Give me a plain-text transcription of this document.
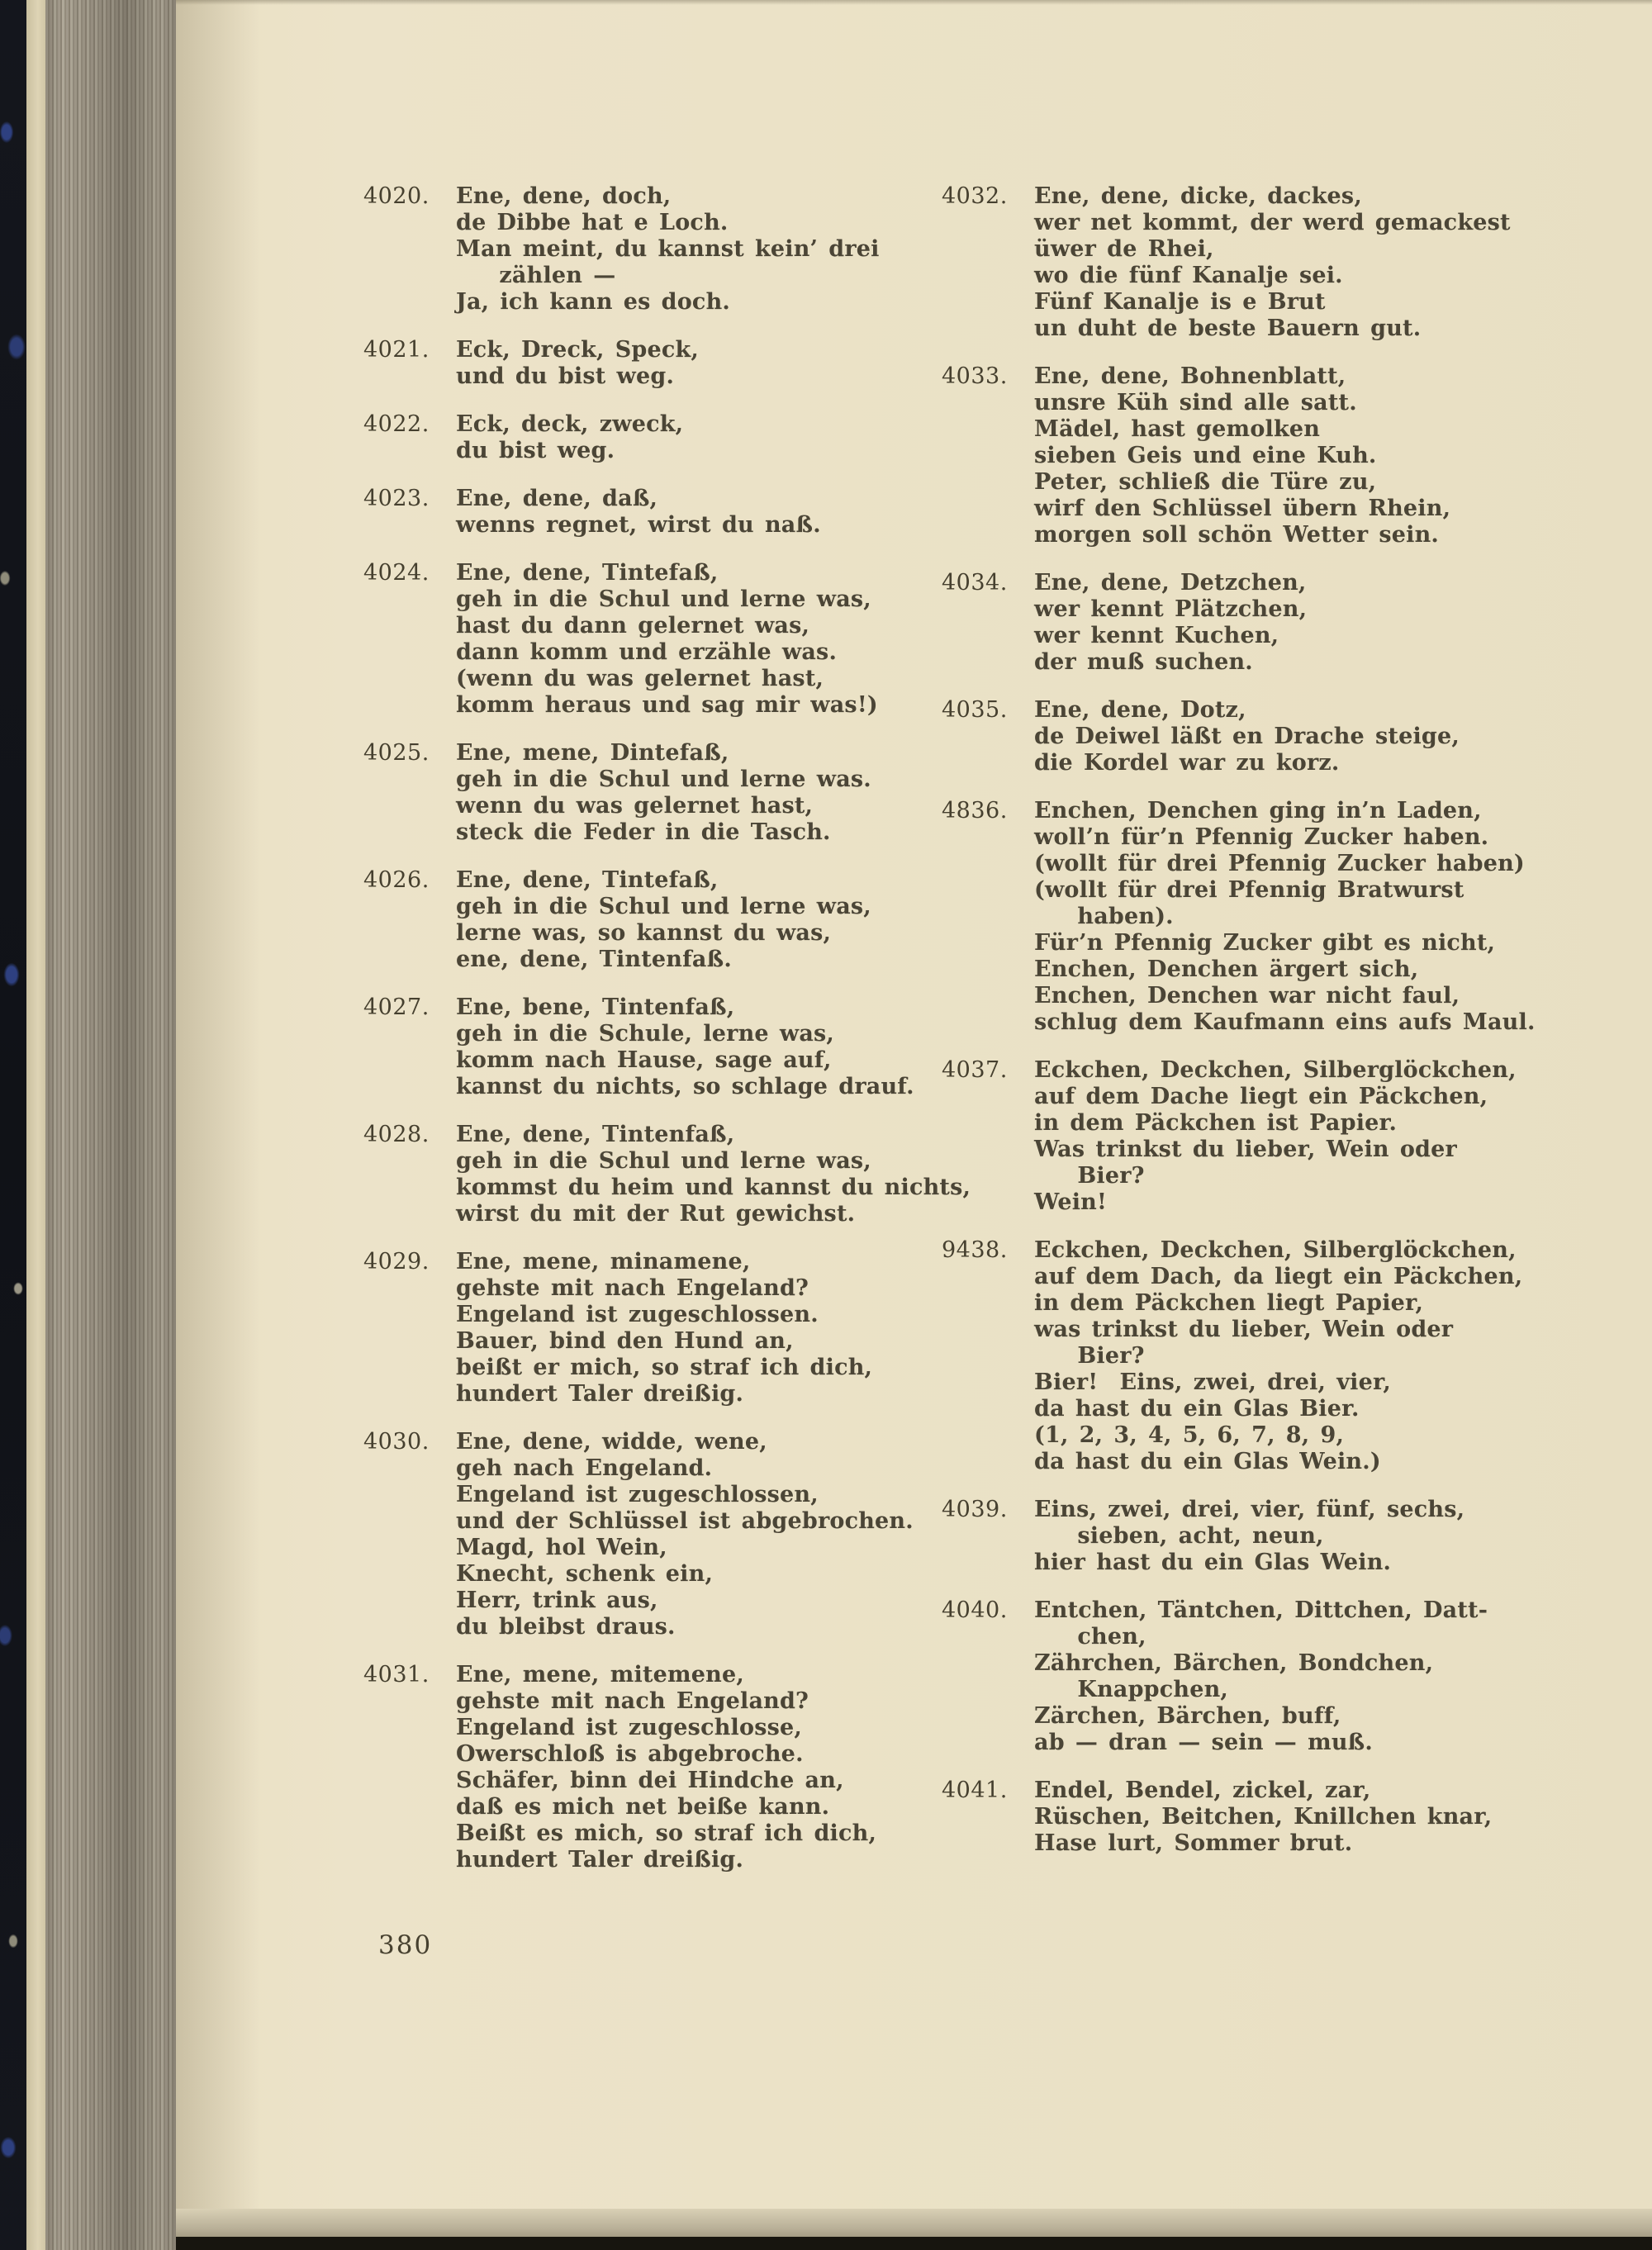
4020.	Ene, dene, doch,
de Dibbe hat e Loch.
Man meint, du kannst kein’ drei
zählen —
Ja, ich kann es doch.
4021.	Eck, Dreck, Speck,
und du bist weg.
4022.	Eck, deck, zweck,
du bist weg.
4023.	Ene, dene, daß,
wenns regnet, wirst du naß.
4024.	Ene, dene, Tintefaß,
geh in die Schul und lerne was,
hast du dann gelernet was,
dann komm und erzähle was.
(wenn du was gelernet hast,
komm heraus und sag mir was!)
4025.	Ene, mene, Dintefaß,
geh in die Schul und lerne was.
wenn du was gelernet hast,
steck die Feder in die Tasch.
4026.	Ene, dene, Tintefaß,
geh in die Schul und lerne was,
lerne was, so kannst du was,
ene, dene, Tintenfaß.
4027.	Ene, bene, Tintenfaß,
geh in die Schule, lerne was,
komm nach Hause, sage auf,
kannst du nichts, so schlage drauf.
4028.	Ene, dene, Tintenfaß,
geh in die Schul und lerne was,
kommst du heim und kannst du nichts,
wirst du mit der Rut gewichst.
4029.	Ene, mene, minamene,
gehste mit nach Engeland?
Engeland ist zugeschlossen.
Bauer, bind den Hund an,
beißt er mich, so straf ich dich,
hundert Taler dreißig.
4030.	Ene, dene, widde, wene,
geh nach Engeland.
Engeland ist zugeschlossen,
und der Schlüssel ist abgebrochen.
Magd, hol Wein,
Knecht, schenk ein,
Herr, trink aus,
du bleibst draus.
4031.	Ene, mene, mitemene,
gehste mit nach Engeland?
Engeland ist zugeschlosse,
Owerschloß is abgebroche.
Schäfer, binn dei Hindche an,
daß es mich net beiße kann.
Beißt es mich, so straf ich dich,
hundert Taler dreißig.
4032.	Ene, dene, dicke, dackes,
wer net kommt, der werd gemackest
üwer de Rhei,
wo die fünf Kanalje sei.
Fünf Kanalje is e Brut
un duht de beste Bauern gut.
4033.	Ene, dene, Bohnenblatt,
unsre Küh sind alle satt.
Mädel, hast gemolken
sieben Geis und eine Kuh.
Peter, schließ die Türe zu,
wirf den Schlüssel übern Rhein,
morgen soll schön Wetter sein.
4034.	Ene, dene, Detzchen,
wer kennt Plätzchen,
wer kennt Kuchen,
der muß suchen.
4035.	Ene, dene, Dotz,
de Deiwel läßt en Drache steige,
die Kordel war zu korz.
4836.	Enchen, Denchen ging in’n Laden,
woll’n für’n Pfennig Zucker haben.
(wollt für drei Pfennig Zucker haben)
(wollt für drei Pfennig Bratwurst
haben).
Für’n Pfennig Zucker gibt es nicht,
Enchen, Denchen ärgert sich,
Enchen, Denchen war nicht faul,
schlug dem Kaufmann eins aufs Maul.
4037.	Eckchen, Deckchen, Silberglöckchen,
auf dem Dache liegt ein Päckchen,
in dem Päckchen ist Papier.
Was trinkst du lieber, Wein oder
Bier?
Wein!
9438.	Eckchen, Deckchen, Silberglöckchen,
auf dem Dach, da liegt ein Päckchen,
in dem Päckchen liegt Papier,
was trinkst du lieber, Wein oder
Bier?
Bier!  Eins, zwei, drei, vier,
da hast du ein Glas Bier.
(1, 2, 3, 4, 5, 6, 7, 8, 9,
da hast du ein Glas Wein.)
4039.	Eins, zwei, drei, vier, fünf, sechs,
sieben, acht, neun,
hier hast du ein Glas Wein.
4040.	Entchen, Täntchen, Dittchen, Datt-
chen,
Zährchen, Bärchen, Bondchen,
Knappchen,
Zärchen, Bärchen, buff,
ab — dran — sein — muß.
4041.	Endel, Bendel, zickel, zar,
Rüschen, Beitchen, Knillchen knar,
Hase lurt, Sommer brut.
380
